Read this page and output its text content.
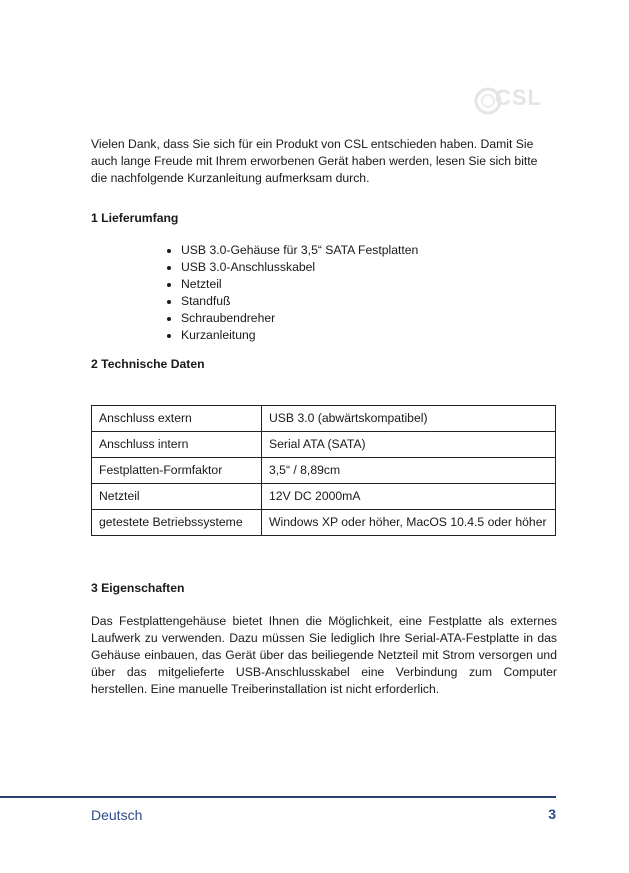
CSL

Vielen Dank, dass Sie sich für ein Produkt von CSL entschieden haben. Damit Sie auch lange Freude mit Ihrem erworbenen Gerät haben werden, lesen Sie sich bitte die nachfolgende Kurzanleitung aufmerksam durch.

1 Lieferumfang
• USB 3.0-Gehäuse für 3,5“ SATA Festplatten
• USB 3.0-Anschlusskabel
• Netzteil
• Standfuß
• Schraubendreher
• Kurzanleitung
2 Technische Daten
Anschluss extern	USB 3.0 (abwärtskompatibel)
Anschluss intern	Serial ATA (SATA)
Festplatten-Formfaktor	3,5“ / 8,89cm
Netzteil	12V DC 2000mA
getestete Betriebssysteme	Windows XP oder höher, MacOS 10.4.5 oder höher
3 Eigenschaften

Das Festplattengehäuse bietet Ihnen die Möglichkeit, eine Festplatte als externes Laufwerk zu verwenden. Dazu müssen Sie lediglich Ihre Serial-ATA-Festplatte in das Gehäuse einbauen, das Gerät über das beiliegende Netzteil mit Strom versorgen und über das mitgelieferte USB-Anschlusskabel eine Verbindung zum Computer herstellen. Eine manuelle Treiberinstallation ist nicht erforderlich.

Deutsch	3
